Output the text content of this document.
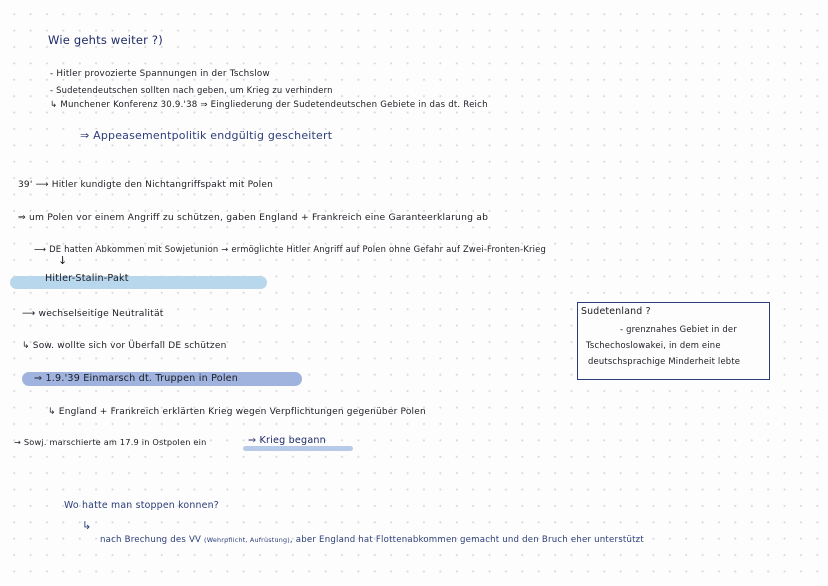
Wie gehts weiter ?)
- Hitler provozierte Spannungen in der Tschslow
- Sudetendeutschen sollten nach geben, um Krieg zu verhindern
↳ Munchener Konferenz 30.9.'38 ⇒ Eingliederung der Sudetendeutschen Gebiete in das dt. Reich
⇒ Appeasementpolitik endgültig gescheitert
39' ⟶ Hitler kundigte den Nichtangriffspakt mit Polen
⇒ um Polen vor einem Angriff zu schützen, gaben England + Frankreich eine Garanteerklarung ab
⟶ DE hatten Abkommen mit Sowjetunion → ermöglichte Hitler Angriff auf Polen ohne Gefahr auf Zwei-Fronten-Krieg
↓
Hitler-Stalin-Pakt
⟶ wechselseitige Neutralität
↳ Sow. wollte sich vor Überfall DE schützen
⇒ 1.9.'39 Einmarsch dt. Truppen in Polen
↳ England + Frankreich erklärten Krieg wegen Verpflichtungen gegenüber Polen
→ Sowj. marschierte am 17.9 in Ostpolen ein	⇒ Krieg begann
Wo hatte man stoppen konnen?
↳
nach Brechung des VV (Wehrpflicht, Aufrüstung), aber England hat Flottenabkommen gemacht und den Bruch eher unterstützt
Sudetenland ?
- grenznahes Gebiet in der
Tschechoslowakei, in dem eine
deutschsprachige Minderheit lebte
